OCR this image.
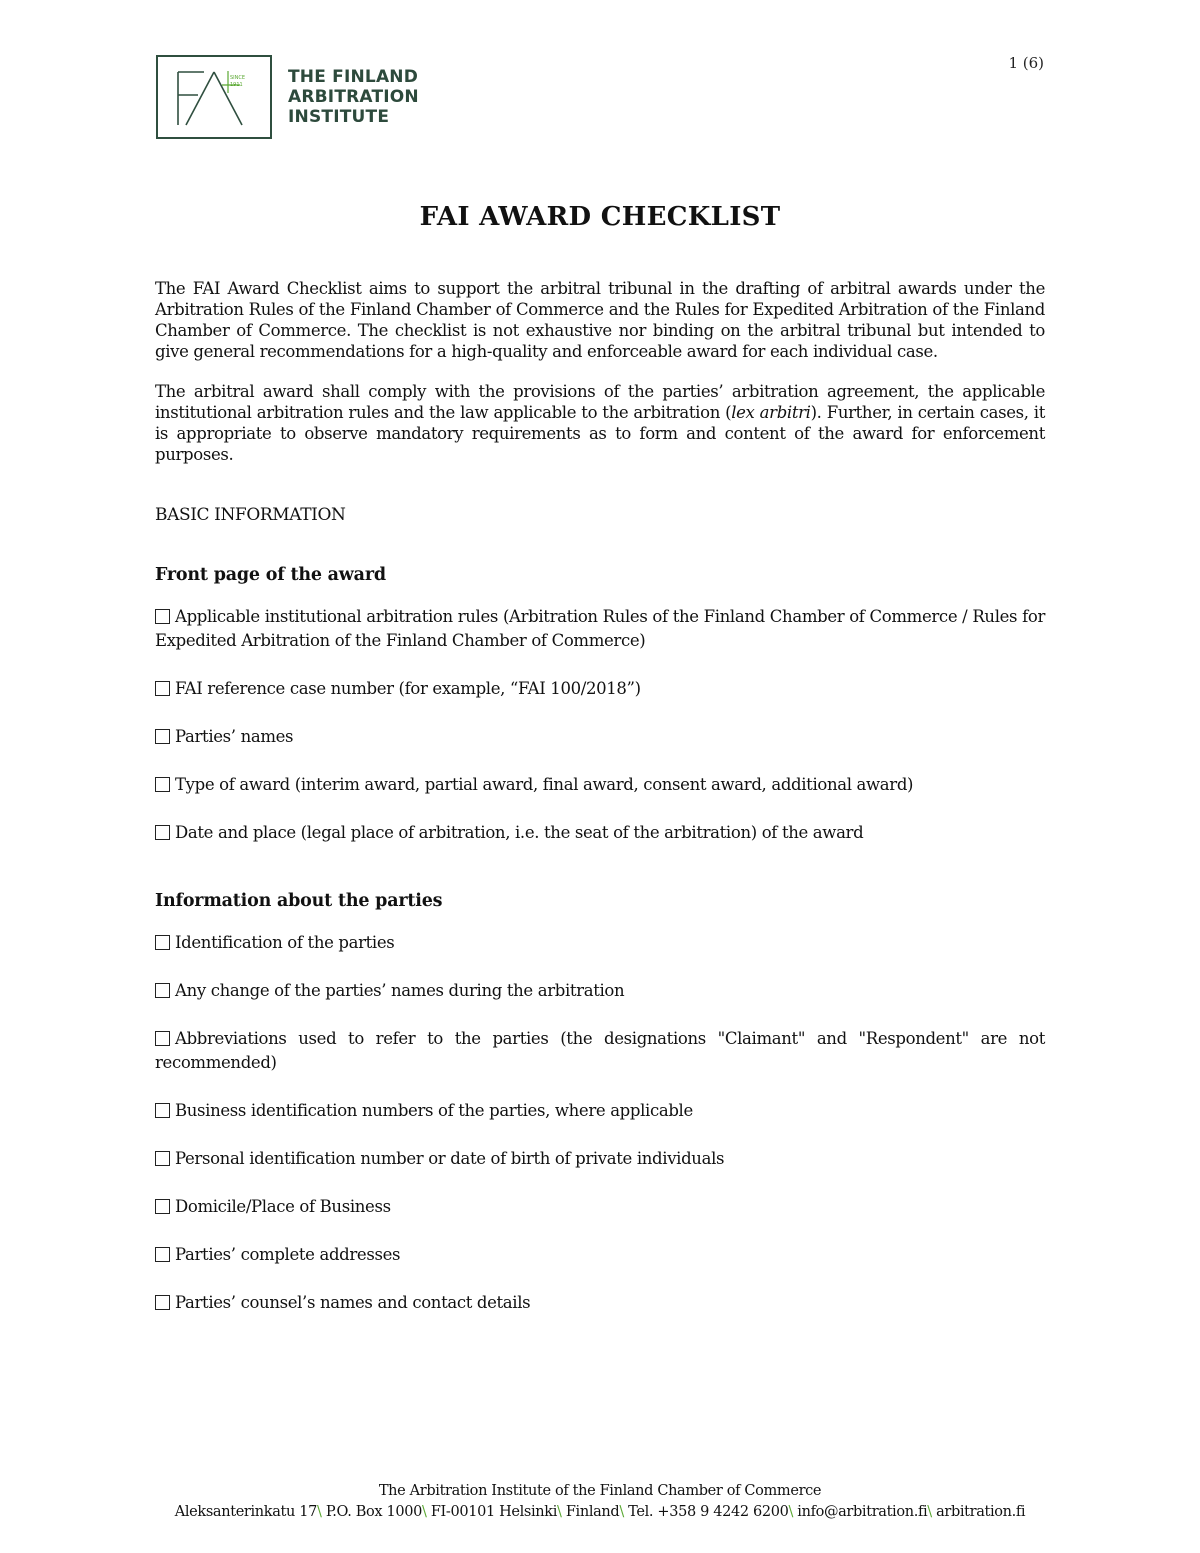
SINCE
1911	THE FINLAND
ARBITRATION
INSTITUTE
1 (6)
FAI AWARD CHECKLIST

The FAI Award Checklist aims to support the arbitral tribunal in the drafting of arbitral awards under the Arbitration Rules of the Finland Chamber of Commerce and the Rules for Expedited Arbitration of the Finland Chamber of Commerce. The checklist is not exhaustive nor binding on the arbitral tribunal but intended to give general recommendations for a high-quality and enforceable award for each individual case.

The arbitral award shall comply with the provisions of the parties’ arbitration agreement, the applicable institutional arbitration rules and the law applicable to the arbitration (lex arbitri). Further, in certain cases, it is appropriate to observe mandatory requirements as to form and content of the award for enforcement purposes.

BASIC INFORMATION
Front page of the award
Applicable institutional arbitration rules (Arbitration Rules of the Finland Chamber of Commerce / Rules for Expedited Arbitration of the Finland Chamber of Commerce)
FAI reference case number (for example, “FAI 100/2018”)
Parties’ names
Type of award (interim award, partial award, final award, consent award, additional award)
Date and place (legal place of arbitration, i.e. the seat of the arbitration) of the award
Information about the parties
Identification of the parties
Any change of the parties’ names during the arbitration
Abbreviations used to refer to the parties (the designations "Claimant" and "Respondent" are not recommended)
Business identification numbers of the parties, where applicable
Personal identification number or date of birth of private individuals
Domicile/Place of Business
Parties’ complete addresses
Parties’ counsel’s names and contact details
The Arbitration Institute of the Finland Chamber of Commerce
Aleksanterinkatu 17\ P.O. Box 1000\ FI-00101 Helsinki\ Finland\ Tel. +358 9 4242 6200\ info@arbitration.fi\ arbitration.fi
